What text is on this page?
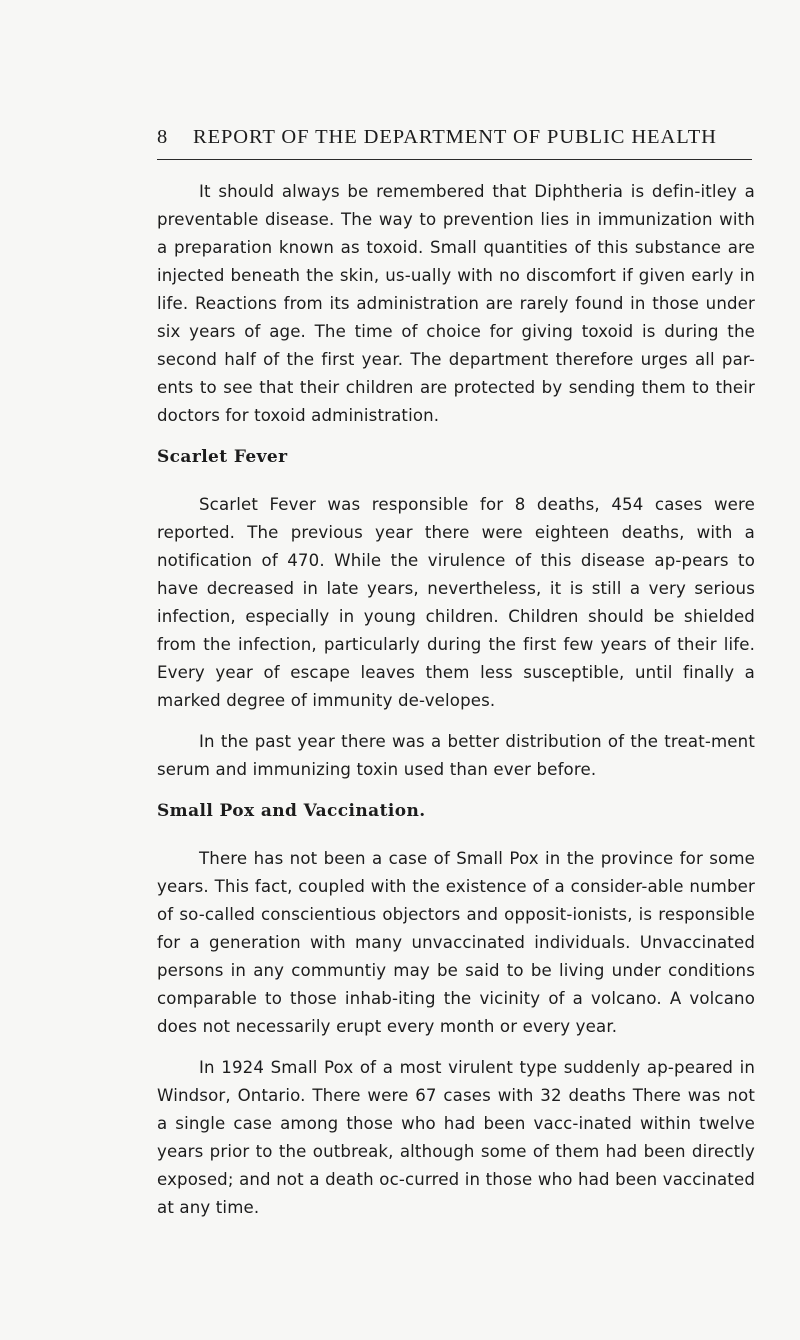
8	REPORT OF THE DEPARTMENT OF PUBLIC HEALTH

It should always be remembered that Diphtheria is defin-itley a preventable disease. The way to prevention lies in immunization with a preparation known as toxoid. Small quantities of this substance are injected beneath the skin, us-ually with no discomfort if given early in life. Reactions from its administration are rarely found in those under six years of age. The time of choice for giving toxoid is during the second half of the first year. The department therefore urges all par-ents to see that their children are protected by sending them to their doctors for toxoid administration.

Scarlet Fever

Scarlet Fever was responsible for 8 deaths, 454 cases were reported. The previous year there were eighteen deaths, with a notification of 470. While the virulence of this disease ap-pears to have decreased in late years, nevertheless, it is still a very serious infection, especially in young children. Children should be shielded from the infection, particularly during the first few years of their life. Every year of escape leaves them less susceptible, until finally a marked degree of immunity de-velopes.

In the past year there was a better distribution of the treat-ment serum and immunizing toxin used than ever before.

Small Pox and Vaccination.

There has not been a case of Small Pox in the province for some years. This fact, coupled with the existence of a consider-able number of so-called conscientious objectors and opposit-ionists, is responsible for a generation with many unvaccinated individuals. Unvaccinated persons in any communtiy may be said to be living under conditions comparable to those inhab-iting the vicinity of a volcano. A volcano does not necessarily erupt every month or every year.

In 1924 Small Pox of a most virulent type suddenly ap-peared in Windsor, Ontario. There were 67 cases with 32 deaths There was not a single case among those who had been vacc-inated within twelve years prior to the outbreak, although some of them had been directly exposed; and not a death oc-curred in those who had been vaccinated at any time.
